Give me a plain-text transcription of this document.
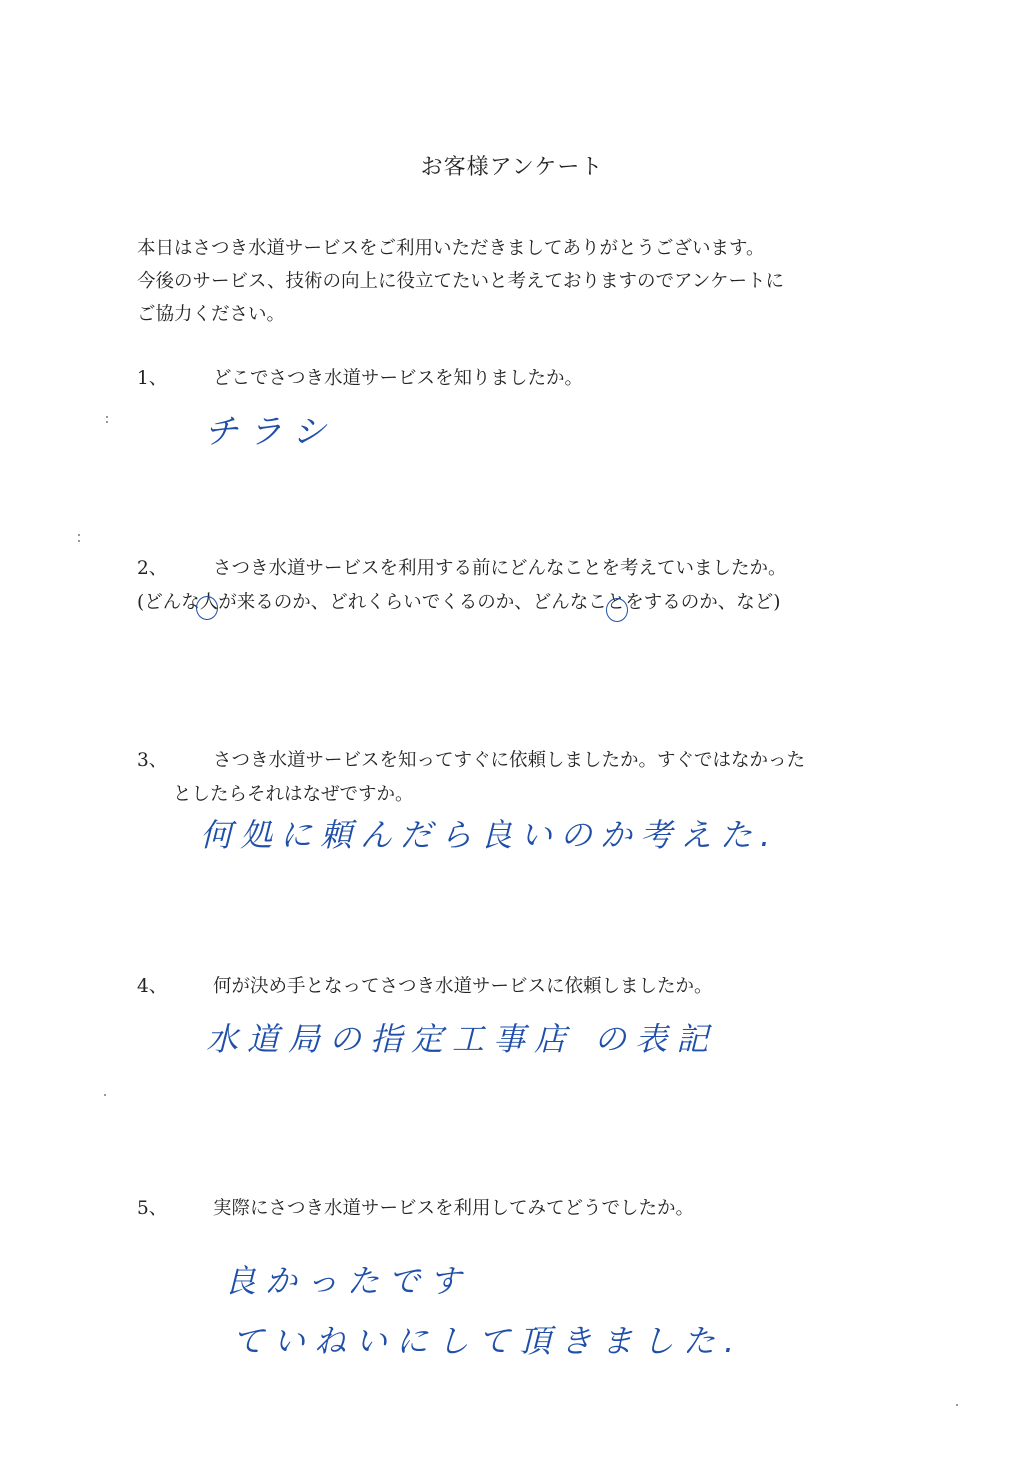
お客様アンケート
本日はさつき水道サービスをご利用いただきましてありがとうございます。
今後のサービス、技術の向上に役立てたいと考えておりますのでアンケートに
ご協力ください。
1、	どこでさつき水道サービスを知りましたか。
チラシ
2、	さつき水道サービスを利用する前にどんなことを考えていましたか。
(どんな人が来るのか、どれくらいでくるのか、どんなことをするのか、など)
3、	さつき水道サービスを知ってすぐに依頼しましたか。すぐではなかった
としたらそれはなぜですか。
何処に頼んだら良いのか考えた.
4、	何が決め手となってさつき水道サービスに依頼しましたか。
水道局の指定工事店 の表記
5、	実際にさつき水道サービスを利用してみてどうでしたか。
良かったです
ていねいにして頂きました.
